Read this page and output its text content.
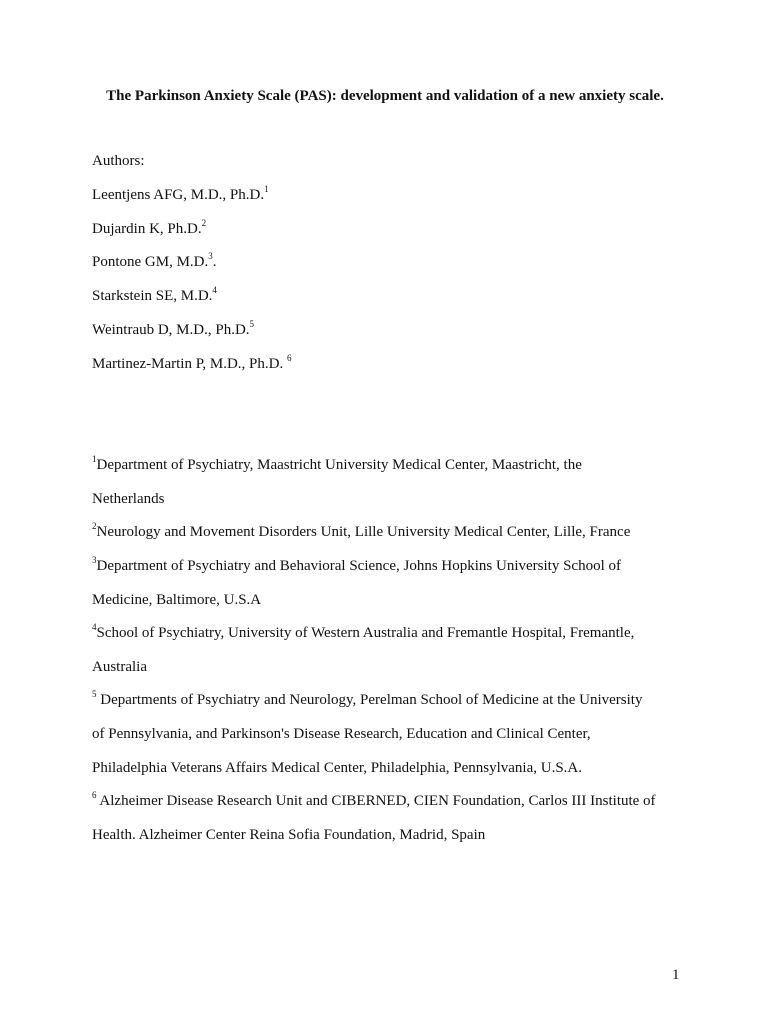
The Parkinson Anxiety Scale (PAS): development and validation of a new anxiety scale.
Authors:
Leentjens AFG, M.D., Ph.D.$^1$
Dujardin K, Ph.D.$^2$
Pontone GM, M.D.$^3$.
Starkstein SE, M.D.$^4$
Weintraub D, M.D., Ph.D.$^5$
Martinez-Martin P, M.D., Ph.D. $^6$
$^1$Department of Psychiatry, Maastricht University Medical Center, Maastricht, the
Netherlands
$^2$Neurology and Movement Disorders Unit, Lille University Medical Center, Lille, France
$^3$Department of Psychiatry and Behavioral Science, Johns Hopkins University School of
Medicine, Baltimore, U.S.A
$^4$School of Psychiatry, University of Western Australia and Fremantle Hospital, Fremantle,
Australia
$^5$ Departments of Psychiatry and Neurology, Perelman School of Medicine at the University
of Pennsylvania, and Parkinson's Disease Research, Education and Clinical Center,
Philadelphia Veterans Affairs Medical Center, Philadelphia, Pennsylvania, U.S.A.
$^6$ Alzheimer Disease Research Unit and CIBERNED, CIEN Foundation, Carlos III Institute of
Health. Alzheimer Center Reina Sofia Foundation, Madrid, Spain
1
